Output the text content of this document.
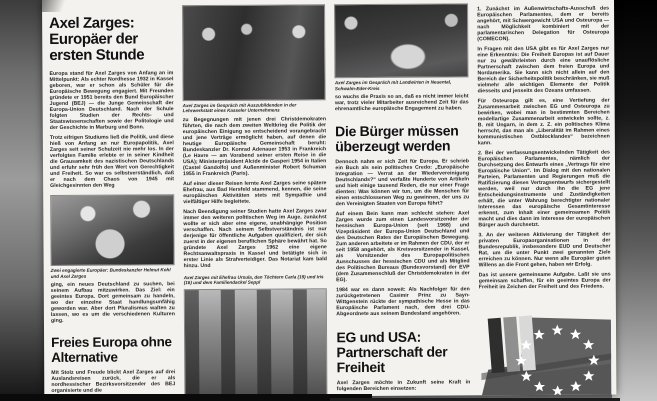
Axel Zarges: Europäer der ersten Stunde

Europa stand für Axel Zarges von Anfang an im Mittelpunkt: Als echter Nordhesse 1932 in Kassel geboren, war er schon als Schüler für die Europäische Bewegung engagiert. Mit Freunden gründete er 1951 bereits den Bund Europäischer Jugend (BEJ) — die Junge Gemeinschaft der Europa-Union Deutschland. Nach der Schule folgten Studien der Rechts- und Staatswissenschaften sowie der Politologie und der Geschichte in Marburg und Bonn.

Trotz eifrigen Studiums ließ die Politik, und diese hieß von Anfang an nur Europapolitik, Axel Zarges seit seiner Schulzeit nie mehr los. In der verfolgten Familie erlebte er in seiner Kindheit die Grausamkeit des nazistischen Deutschlands und erfuhr sehr früh den Wert von Gerechtigkeit und Freiheit. So war es selbstverständlich, daß er nach dem Chaos von 1945 mit Gleichgesinnten den Weg

Zwei engagierte Europäer: Bundeskanzler Helmut Kohl und Axel Zarges

ging, ein neues Deutschland zu suchen, bei seinem Aufbau mitzuwirken. Das Ziel: ein geeintes Europa. Dort gemeinsam zu handeln, wo der einzelne Staat handlungsunfähig geworden war. Aber dort Pluralismus walten zu lassen, wo es um die verschiedenen Kulturen ging.

Freies Europa ohne Alternative

Mit Stolz und Freude blickt Axel Zarges auf drei Auslandsreisen zurück, die er als nordhessischer Bezirksvorsitzender des BEJ organisierte und die

Axel Zarges im Gespräch mit Auszubildenden in der Lehrwerkstatt eines Kasseler Unternehmens

zu Begegnungen mit jenen drei Christdemokraten führten, die nach dem zweiten Weltkrieg die Politik der europäischen Einigung so entscheidend vorangebracht und jene Verträge ermöglicht haben, auf denen die heutige Europäische Gemeinschaft beruht: Bundeskanzler Dr. Konrad Adenauer 1953 in Frankreich (Le Havre — am Vorabend seiner ersten Reise in die USA); Ministerpräsident Alcide de Gasperi 1954 in Italien (Castel Gandolfo) und Außenminister Robert Schuman 1955 in Frankreich (Paris).

Auf einer dieser Reisen lernte Axel Zarges seine spätere Ehefrau, aus Bad Hersfeld stammend, kennen, die seine europäischen Aktivitäten stets mit Sympathie und vielfältiger Hilfe begleitete.

Nach Beendigung seiner Studien hatte Axel Zarges zwar immer den weiteren politischen Weg im Auge, zunächst wollte er sich aber eine eigene, unabhängige Position verschaffen. Nach seinem Selbstverständnis ist nur derjenige für öffentliche Aufgaben qualifiziert, der sich zuerst in der eigenen beruflichen Sphäre bewährt hat. So gründete Axel Zarges 1962 eine eigene Rechtsanwaltspraxis in Kassel und betätigte sich in erster Linie als Strafverteidiger. Das Notariat kam bald hinzu. Und

Axel Zarges mit Ehefrau Ursula, den Töchtern Carla (19) und Iris (16) und dem Familiendackel Seppl

Axel Zarges im Gespräch mit Landwirten in Neuental, Schwalm-Eder-Kreis

so wuchs die Praxis so an, daß es nicht immer leicht war, trotz vieler Mitarbeiter ausreichend Zeit für das ehrenamtliche europäische Engagement zu haben.

Die Bürger müssen überzeugt werden

Dennoch nahm er sich Zeit für Europa. Er schrieb ein Buch als sein politisches Credo: „Europäische Integration — Verrat an der Wiedervereinigung Deutschlands?“ und verfaßte Hunderte von Artikeln und hielt einige tausend Reden, die nur einer Frage dienten: Was können wir tun, um die Menschen für einen entschlossenen Weg zu gewinnen, der uns zu den Vereinigten Staaten von Europa führt?

Auf einem Bein kann man schlecht stehen: Axel Zarges wurde zum einen Landesvorsitzender der hessischen Europa-Union (seit 1968) und Vizepräsident der Europa-Union Deutschland und des Deutschen Rates der Europäischen Bewegung. Zum anderen arbeitete er im Rahmen der CDU, der er seit 1958 angehört, als Kreisvorsitzender in Kassel, als Vorsitzender des Europapolitischen Ausschusses der hessischen CDU und als Mitglied des Politischen Bureaus (Bundesvorstand) der EVP (dem Zusammenschluß der Christdemokraten in der EG).

1984 war es dann soweit: Als Nachfolger für den zurückgetretenen Casimir Prinz zu Sayn-Wittgenstein rückte der sympathische Hesse in das Europäische Parlament nach, dem drei CDU-Abgeordnete aus seinem Bundesland angehören.

EG und USA: Partnerschaft der Freiheit

Axel Zarges möchte in Zukunft seine Kraft in folgenden Bereichen einsetzen:

1. Zunächst im Außenwirtschafts-Ausschuß des Europäischen Parlamentes, dem er bereits angehört, mit Schwergewicht USA und Osteuropa — nach Möglichkeit kombiniert mit der parlamentarischen Delegation für Osteuropa (COMECON).

In Fragen mit den USA gibt es für Axel Zarges nur eine Erkenntnis: Die Freiheit Europas ist auf Dauer nur zu gewährleisten durch eine unauflösliche Partnerschaft zwischen dem freien Europa und Nordamerika. Sie kann sich nicht allein auf den Bereich der Sicherheitspolitik beschränken, sie muß vielmehr alle wichtigen Elemente der Politik diesseits und jenseits des Ozeans umfassen.

Für Osteuropa gilt es, eine Vertiefung der Zusammenarbeit zwischen EG und Osteuropa zu bewirken, wobei man in bestimmten Bereichen modellartige Zusammenarbeit entwickeln sollte, z. B. mit Ungarn, in dem z. Z. ein politisches Klima herrscht, das man als „Liberalität im Rahmen eines kommunistischen Ostblocklandes“ bezeichnen kann.

2. Bei der verfassungsentwickelnden Tätigkeit des Europäischen Parlamentes, nämlich der Durchsetzung des Entwurfs eines „Vertrags für eine Europäische Union“. Im Dialog mit den nationalen Parteien, Parlamenten und Regierungen muß die Ratifizierung dieses Vertragsentwurfs sichergestellt werden, weil nur durch ihn die EG jene Entscheidungsinstrumente und Zuständigkeiten erhält, die unter Wahrung berechtigter nationaler Interessen das europäische Gesamtinteresse erkennt, zum Inhalt einer gemeinsamen Politik macht und dies dann im Interesse der europäischen Bürger auch durchsetzt.

3. An der weiteren Aktivierung der Tätigkeit der privaten Europaorganisationen in der Bundesrepublik, insbesondere EUD und Deutscher Rat, um die unter Punkt zwei genannten Ziele erreichen zu können. Nur wenn alle Europäer guten Willens an die Front gehen, haben wir Erfolg.

Das ist unsere gemeinsame Aufgabe. Laßt sie uns gemeinsam schaffen, für ein geeintes Europa der Freiheit im Zeichen der Freiheit und des Friedens.
